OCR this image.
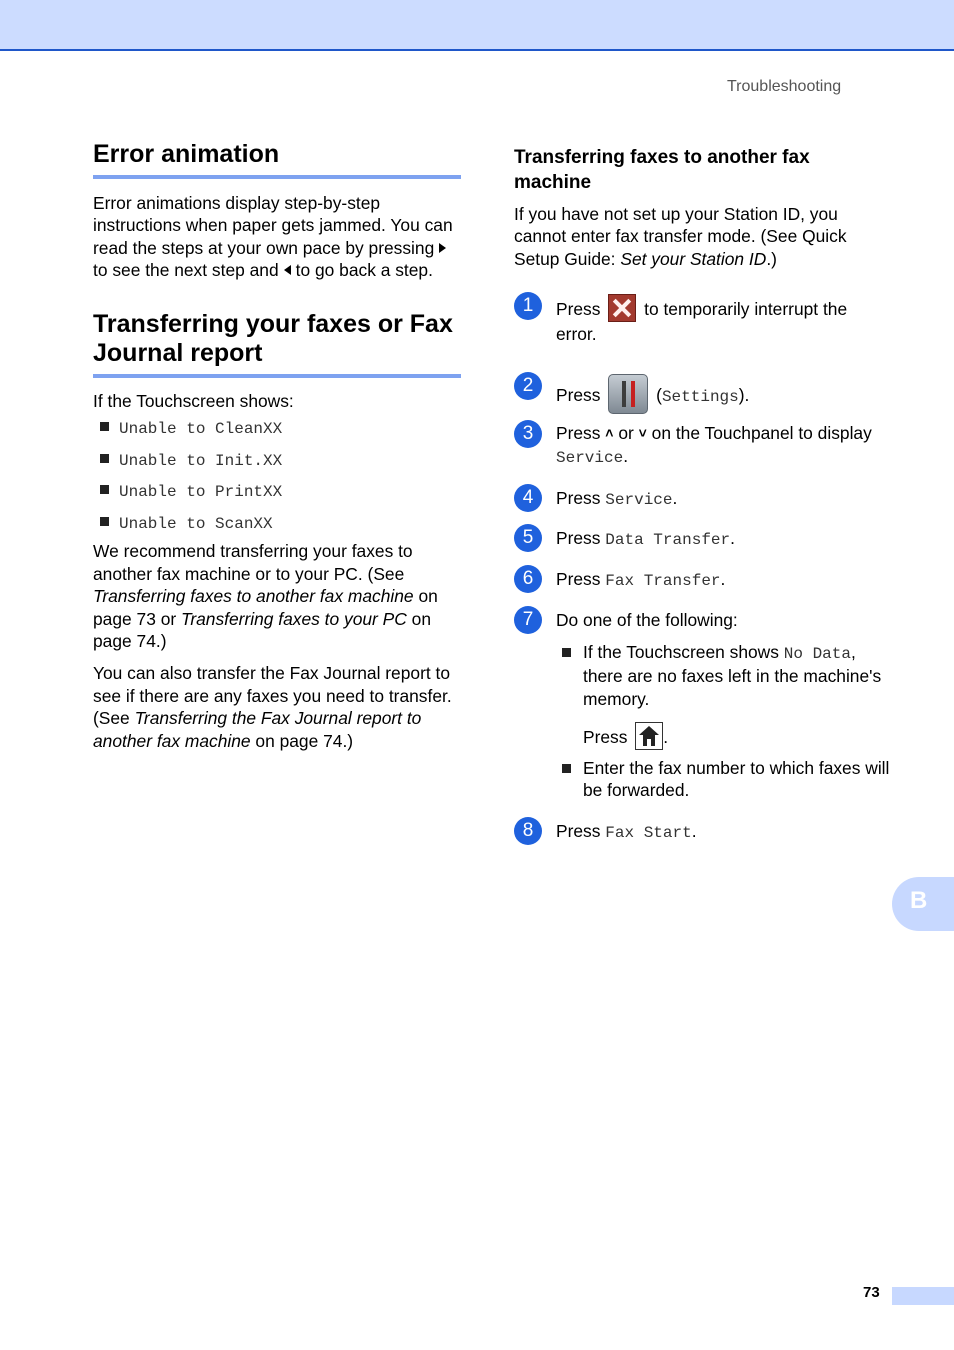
Troubleshooting
Error animation

Error animations display step-by-step instructions when paper gets jammed. You can read the steps at your own pace by pressingto see the next step and to go back a step.

Transferring your faxes or Fax Journal report

If the Touchscreen shows:

Unable to CleanXX
Unable to Init.XX
Unable to PrintXX
Unable to ScanXX

We recommend transferring your faxes to another fax machine or to your PC. (See Transferring faxes to another fax machine on page 73 or Transferring faxes to your PC on page 74.)

You can also transfer the Fax Journal report to see if there are any faxes you need to transfer. (See Transferring the Fax Journal report to another fax machine on page 74.)

Transferring faxes to another fax machine

If you have not set up your Station ID, you cannot enter fax transfer mode. (See Quick Setup Guide: Set your Station ID.)

1	Press	to temporarily interrupt the error.
2	Press	(Settings).
3	Press ˄ or ˅ on the Touchpanel to display Service.
4	Press Service.
5	Press Data Transfer.
6	Press Fax Transfer.
7	Do one of the following:
If the Touchscreen shows No Data, there are no faxes left in the machine's memory.
Press .
Enter the fax number to which faxes will be forwarded.
8	Press Fax Start.
B
73
